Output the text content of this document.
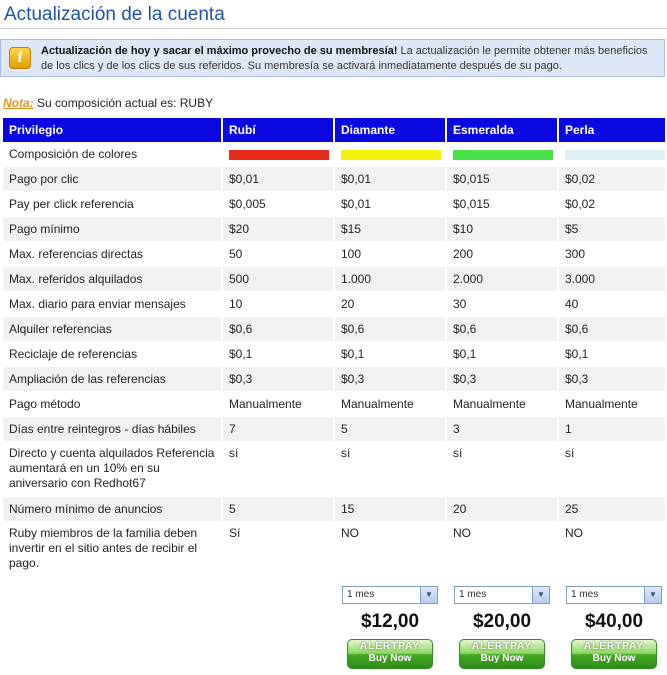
Actualización de la cuenta
i	Actualización de hoy y sacar el máximo provecho de su membresía! La actualización le permite obtener más beneficios de los clics y de los clics de sus referidos. Su membresía se activará inmediatamente después de su pago.
Nota: Su composición actual es: RUBY
Privilegio	Rubí	Diamante	Esmeralda	Perla
Composición de colores				
Pago por clic	$0,01	$0,01	$0,015	$0,02
Pay per click referencia	$0,005	$0,01	$0,015	$0,02
Pago mínimo	$20	$15	$10	$5
Max. referencias directas	50	100	200	300
Max. referidos alquilados	500	1.000	2.000	3.000
Max. diario para enviar mensajes	10	20	30	40
Alquiler referencias	$0,6	$0,6	$0,6	$0,6
Reciclaje de referencias	$0,1	$0,1	$0,1	$0,1
Ampliación de las referencias	$0,3	$0,3	$0,3	$0,3
Pago método	Manualmente	Manualmente	Manualmente	Manualmente
Días entre reintegros - días hábiles	7	5	3	1
Directo y cuenta alquilados Referencia aumentará en un 10% en su aniversario con Redhot67	sí	sí	sí	sí
Número mínimo de anuncios	5	15	20	25
Ruby miembros de la familia deben invertir en el sitio antes de recibir el pago.	Sí	NO	NO	NO
1 mes	▼
$12,00
ALERTPAY
Buy Now
1 mes	▼
$20,00
ALERTPAY
Buy Now
1 mes	▼
$40,00
ALERTPAY
Buy Now
